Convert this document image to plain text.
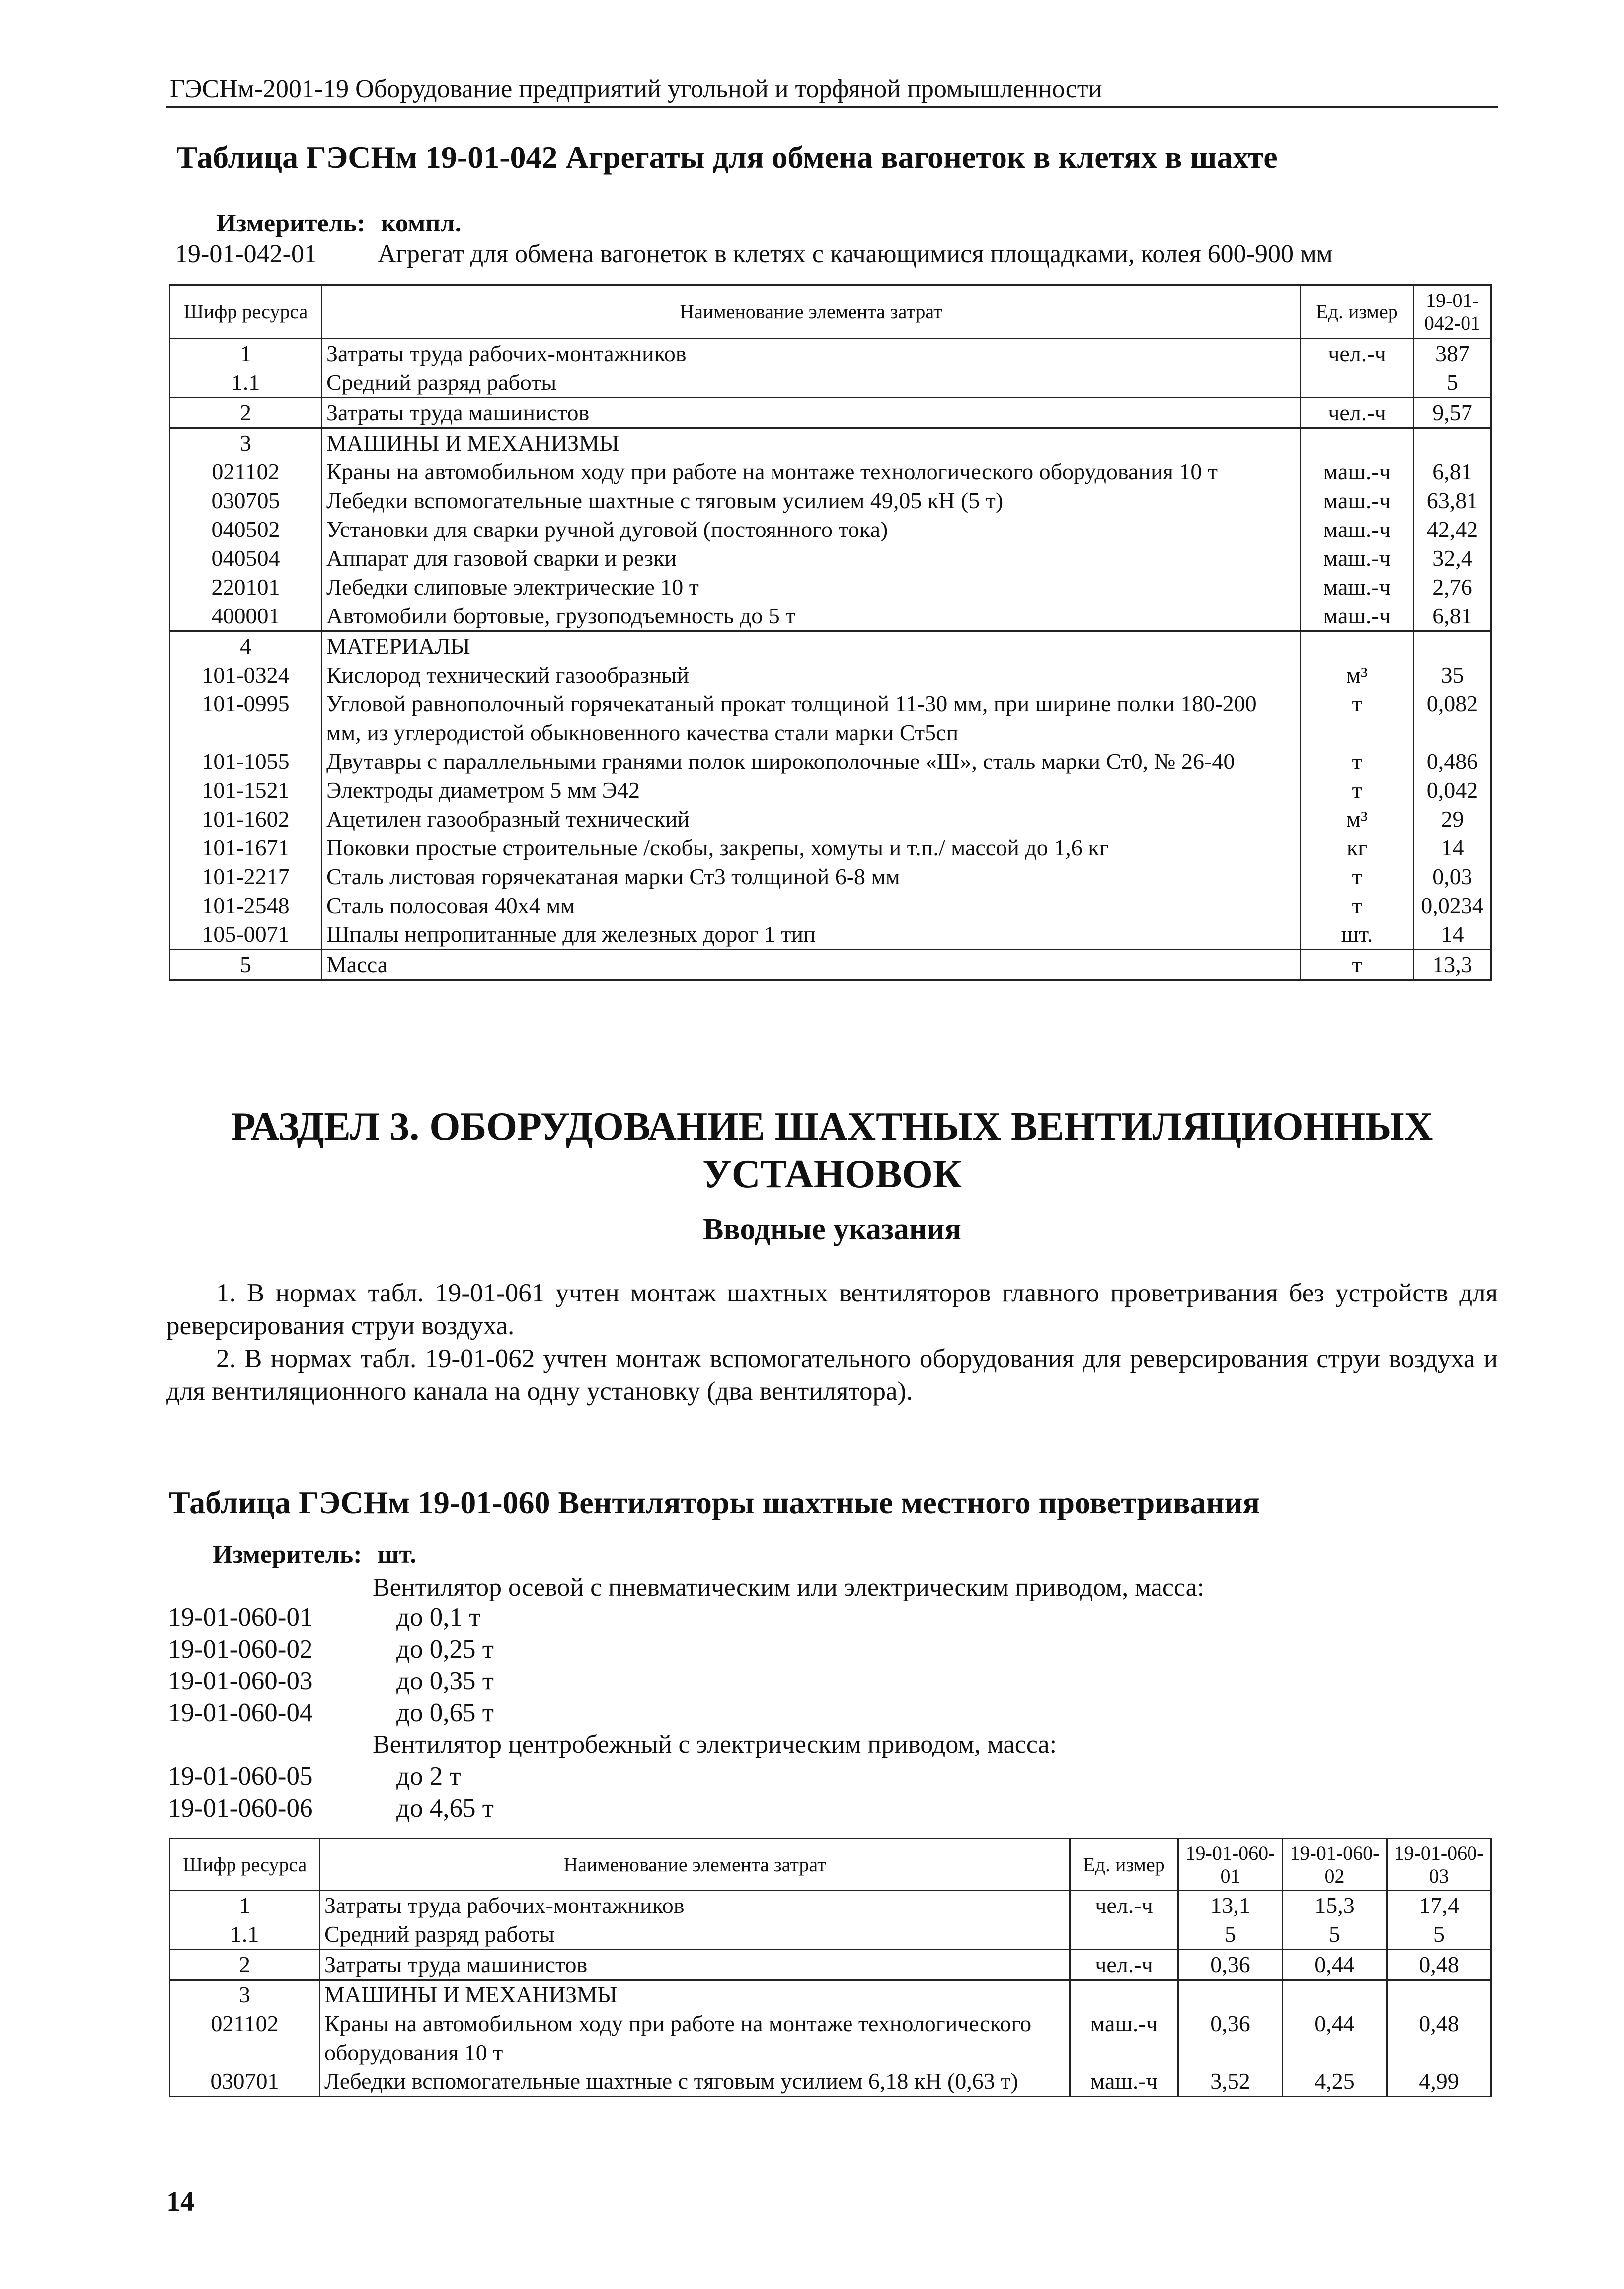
ГЭСНм-2001-19 Оборудование предприятий угольной и торфяной промышленности
Таблица ГЭСНм 19-01-042 Агрегаты для обмена вагонеток в клетях в шахте
Измеритель: компл.
19-01-042-01 Агрегат для обмена вагонеток в клетях с качающимися площадками, колея 600-900 мм
Шифр ресурса	Наименование элемента затрат	Ед. измер	19-01-042-01
1	Затраты труда рабочих-монтажников	чел.-ч	387
1.1	Средний разряд работы		5
2	Затраты труда машинистов	чел.-ч	9,57
3	МАШИНЫ И МЕХАНИЗМЫ		
021102	Краны на автомобильном ходу при работе на монтаже технологического оборудования 10 т	маш.-ч	6,81
030705	Лебедки вспомогательные шахтные с тяговым усилием 49,05 кН (5 т)	маш.-ч	63,81
040502	Установки для сварки ручной дуговой (постоянного тока)	маш.-ч	42,42
040504	Аппарат для газовой сварки и резки	маш.-ч	32,4
220101	Лебедки слиповые электрические 10 т	маш.-ч	2,76
400001	Автомобили бортовые, грузоподъемность до 5 т	маш.-ч	6,81
4	МАТЕРИАЛЫ		
101-0324	Кислород технический газообразный	м³	35
101-0995	Угловой равнополочный горячекатаный прокат толщиной 11-30 мм, при ширине полки 180-200 мм, из углеродистой обыкновенного качества стали марки Ст5сп	т	0,082
101-1055	Двутавры с параллельными гранями полок широкополочные «Ш», сталь марки Ст0, № 26-40	т	0,486
101-1521	Электроды диаметром 5 мм Э42	т	0,042
101-1602	Ацетилен газообразный технический	м³	29
101-1671	Поковки простые строительные /скобы, закрепы, хомуты и т.п./ массой до 1,6 кг	кг	14
101-2217	Сталь листовая горячекатаная марки Ст3 толщиной 6-8 мм	т	0,03
101-2548	Сталь полосовая 40х4 мм	т	0,0234
105-0071	Шпалы непропитанные для железных дорог 1 тип	шт.	14
5	Масса	т	13,3
РАЗДЕЛ 3. ОБОРУДОВАНИЕ ШАХТНЫХ ВЕНТИЛЯЦИОННЫХ
УСТАНОВОК
Вводные указания

1. В нормах табл. 19-01-061 учтен монтаж шахтных вентиляторов главного проветривания без устройств для реверсирования струи воздуха.

2. В нормах табл. 19-01-062 учтен монтаж вспомогательного оборудования для реверсирования струи воздуха и для вентиляционного канала на одну установку (два вентилятора).

Таблица ГЭСНм 19-01-060 Вентиляторы шахтные местного проветривания
Измеритель: шт.
Вентилятор осевой с пневматическим или электрическим приводом, масса:
19-01-060-01	до 0,1 т
19-01-060-02	до 0,25 т
19-01-060-03	до 0,35 т
19-01-060-04	до 0,65 т
Вентилятор центробежный с электрическим приводом, масса:
19-01-060-05	до 2 т
19-01-060-06	до 4,65 т
Шифр ресурса	Наименование элемента затрат	Ед. измер	19-01-060-01	19-01-060-02	19-01-060-03
1	Затраты труда рабочих-монтажников	чел.-ч	13,1	15,3	17,4
1.1	Средний разряд работы		5	5	5
2	Затраты труда машинистов	чел.-ч	0,36	0,44	0,48
3	МАШИНЫ И МЕХАНИЗМЫ				
021102	Краны на автомобильном ходу при работе на монтаже технологического оборудования 10 т	маш.-ч	0,36	0,44	0,48
030701	Лебедки вспомогательные шахтные с тяговым усилием 6,18 кН (0,63 т)	маш.-ч	3,52	4,25	4,99
14
